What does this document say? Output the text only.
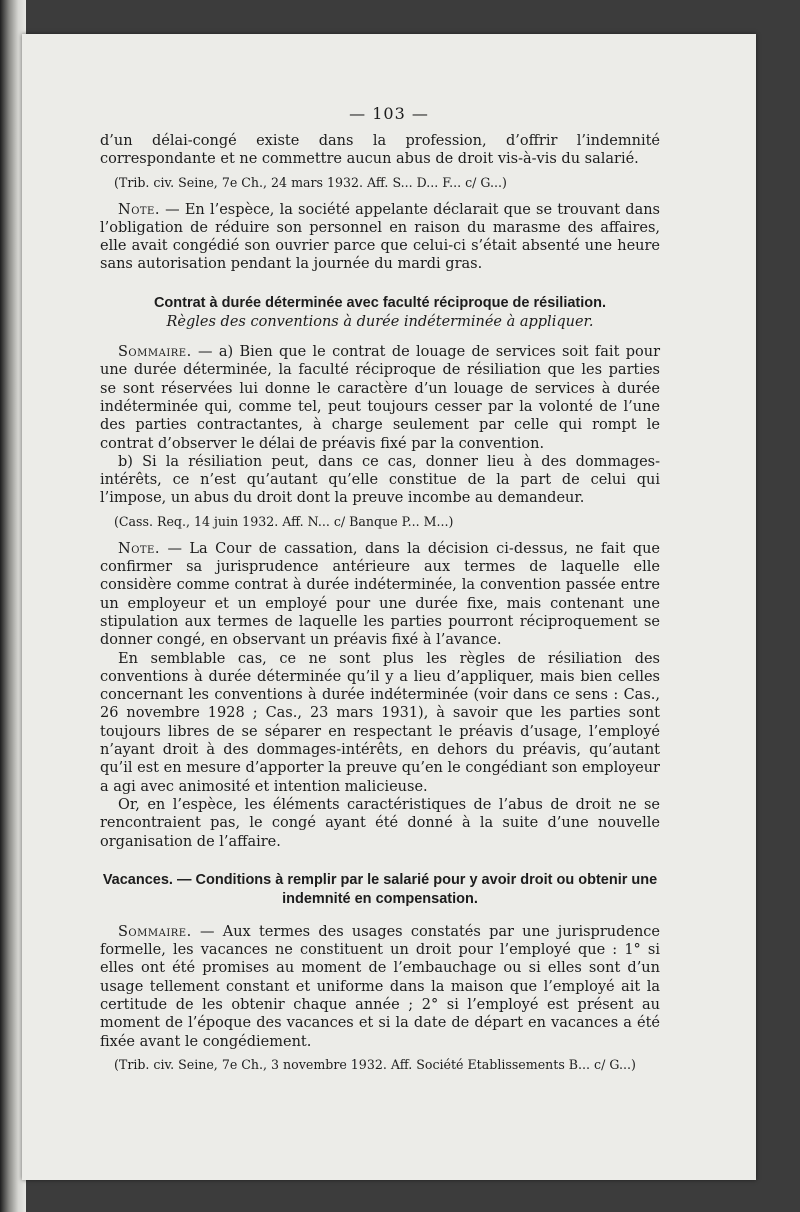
— 103 —

d’un délai-congé existe dans la profession, d’offrir l’indemnité correspondante et ne commettre aucun abus de droit vis-à-vis du salarié.

(Trib. civ. Seine, 7e Ch., 24 mars 1932. Aff. S... D... F... c/ G...)

Note. — En l’espèce, la société appelante déclarait que se trouvant dans l’obligation de réduire son personnel en raison du marasme des affaires, elle avait congédié son ouvrier parce que celui-ci s’était absenté une heure sans autorisation pendant la journée du mardi gras.

Contrat à durée déterminée avec faculté réciproque de résiliation.
Règles des conventions à durée indéterminée à appliquer.

Sommaire. — a) Bien que le contrat de louage de services soit fait pour une durée déterminée, la faculté réciproque de résiliation que les parties se sont réservées lui donne le caractère d’un louage de services à durée indéterminée qui, comme tel, peut toujours cesser par la volonté de l’une des parties contractantes, à charge seulement par celle qui rompt le contrat d’observer le délai de préavis fixé par la convention.

b) Si la résiliation peut, dans ce cas, donner lieu à des dommages-intérêts, ce n’est qu’autant qu’elle constitue de la part de celui qui l’impose, un abus du droit dont la preuve incombe au demandeur.

(Cass. Req., 14 juin 1932. Aff. N... c/ Banque P... M...)

Note. — La Cour de cassation, dans la décision ci-dessus, ne fait que confirmer sa jurisprudence antérieure aux termes de laquelle elle considère comme contrat à durée indéterminée, la convention passée entre un employeur et un employé pour une durée fixe, mais contenant une stipulation aux termes de laquelle les parties pourront réciproquement se donner congé, en observant un préavis fixé à l’avance.

En semblable cas, ce ne sont plus les règles de résiliation des conventions à durée déterminée qu’il y a lieu d’appliquer, mais bien celles concernant les conventions à durée indéterminée (voir dans ce sens : Cas., 26 novembre 1928 ; Cas., 23 mars 1931), à savoir que les parties sont toujours libres de se séparer en respectant le préavis d’usage, l’employé n’ayant droit à des dommages-intérêts, en dehors du préavis, qu’autant qu’il est en mesure d’apporter la preuve qu’en le congédiant son employeur a agi avec animosité et intention malicieuse.

Or, en l’espèce, les éléments caractéristiques de l’abus de droit ne se rencontraient pas, le congé ayant été donné à la suite d’une nouvelle organisation de l’affaire.

Vacances. — Conditions à remplir par le salarié pour y avoir droit ou obtenir une indemnité en compensation.

Sommaire. — Aux termes des usages constatés par une jurisprudence formelle, les vacances ne constituent un droit pour l’employé que : 1° si elles ont été promises au moment de l’embauchage ou si elles sont d’un usage tellement constant et uniforme dans la maison que l’employé ait la certitude de les obtenir chaque année ; 2° si l’employé est présent au moment de l’époque des vacances et si la date de départ en vacances a été fixée avant le congédiement.

(Trib. civ. Seine, 7e Ch., 3 novembre 1932. Aff. Société Etablissements B... c/ G...)
